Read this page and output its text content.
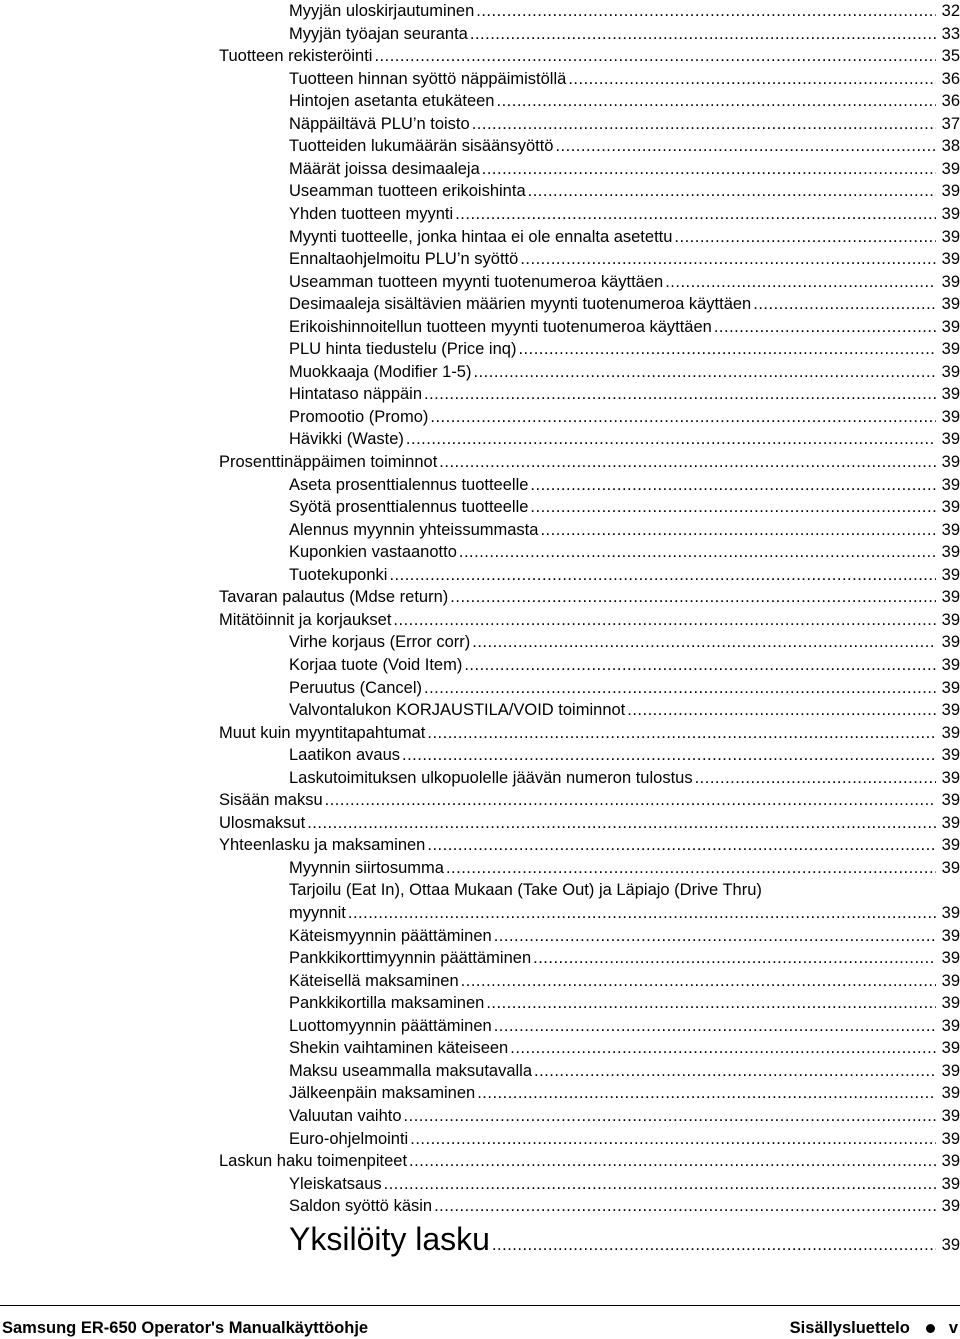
Myyjän uloskirjautuminen .....	32
Myyjän työajan seuranta .....	33
Tuotteen rekisteröinti .....	35
Tuotteen hinnan syöttö näppäimistöllä .....	36
Hintojen asetanta etukäteen .....	36
Näppäiltävä PLU’n toisto .....	37
Tuotteiden lukumäärän sisäänsyöttö .....	38
Määrät joissa desimaaleja .....	39
Useamman tuotteen erikoishinta .....	39
Yhden tuotteen myynti .....	39
Myynti tuotteelle, jonka hintaa ei ole ennalta asetettu .....	39
Ennaltaohjelmoitu PLU’n syöttö .....	39
Useamman tuotteen myynti tuotenumeroa käyttäen .....	39
Desimaaleja sisältävien määrien myynti tuotenumeroa käyttäen .....	39
Erikoishinnoitellun tuotteen myynti tuotenumeroa käyttäen .....	39
PLU hinta tiedustelu (Price inq) .....	39
Muokkaaja (Modifier 1-5) .....	39
Hintataso näppäin .....	39
Promootio (Promo) .....	39
Hävikki (Waste) .....	39
Prosenttinäppäimen toiminnot .....	39
Aseta prosenttialennus tuotteelle .....	39
Syötä prosenttialennus tuotteelle .....	39
Alennus myynnin yhteissummasta .....	39
Kuponkien vastaanotto .....	39
Tuotekuponki .....	39
Tavaran palautus (Mdse return) .....	39
Mitätöinnit ja korjaukset .....	39
Virhe korjaus (Error corr) .....	39
Korjaa tuote (Void Item) .....	39
Peruutus (Cancel) .....	39
Valvontalukon KORJAUSTILA/VOID toiminnot .....	39
Muut kuin myyntitapahtumat .....	39
Laatikon avaus .....	39
Laskutoimituksen ulkopuolelle jäävän numeron tulostus .....	39
Sisään maksu .....	39
Ulosmaksut .....	39
Yhteenlasku ja maksaminen .....	39
Myynnin siirtosumma .....	39
Tarjoilu (Eat In), Ottaa Mukaan (Take Out) ja Läpiajo (Drive Thru)
myynnit .....	39
Käteismyynnin päättäminen .....	39
Pankkikorttimyynnin päättäminen .....	39
Käteisellä maksaminen .....	39
Pankkikortilla maksaminen .....	39
Luottomyynnin päättäminen .....	39
Shekin vaihtaminen käteiseen .....	39
Maksu useammalla maksutavalla .....	39
Jälkeenpäin maksaminen .....	39
Valuutan vaihto .....	39
Euro-ohjelmointi .....	39
Laskun haku toimenpiteet .....	39
Yleiskatsaus .....	39
Saldon syöttö käsin .....	39
Yksilöity lasku .....	39
Samsung ER-650 Operator's Manualkäyttöohje	Sisällysluettelo v
